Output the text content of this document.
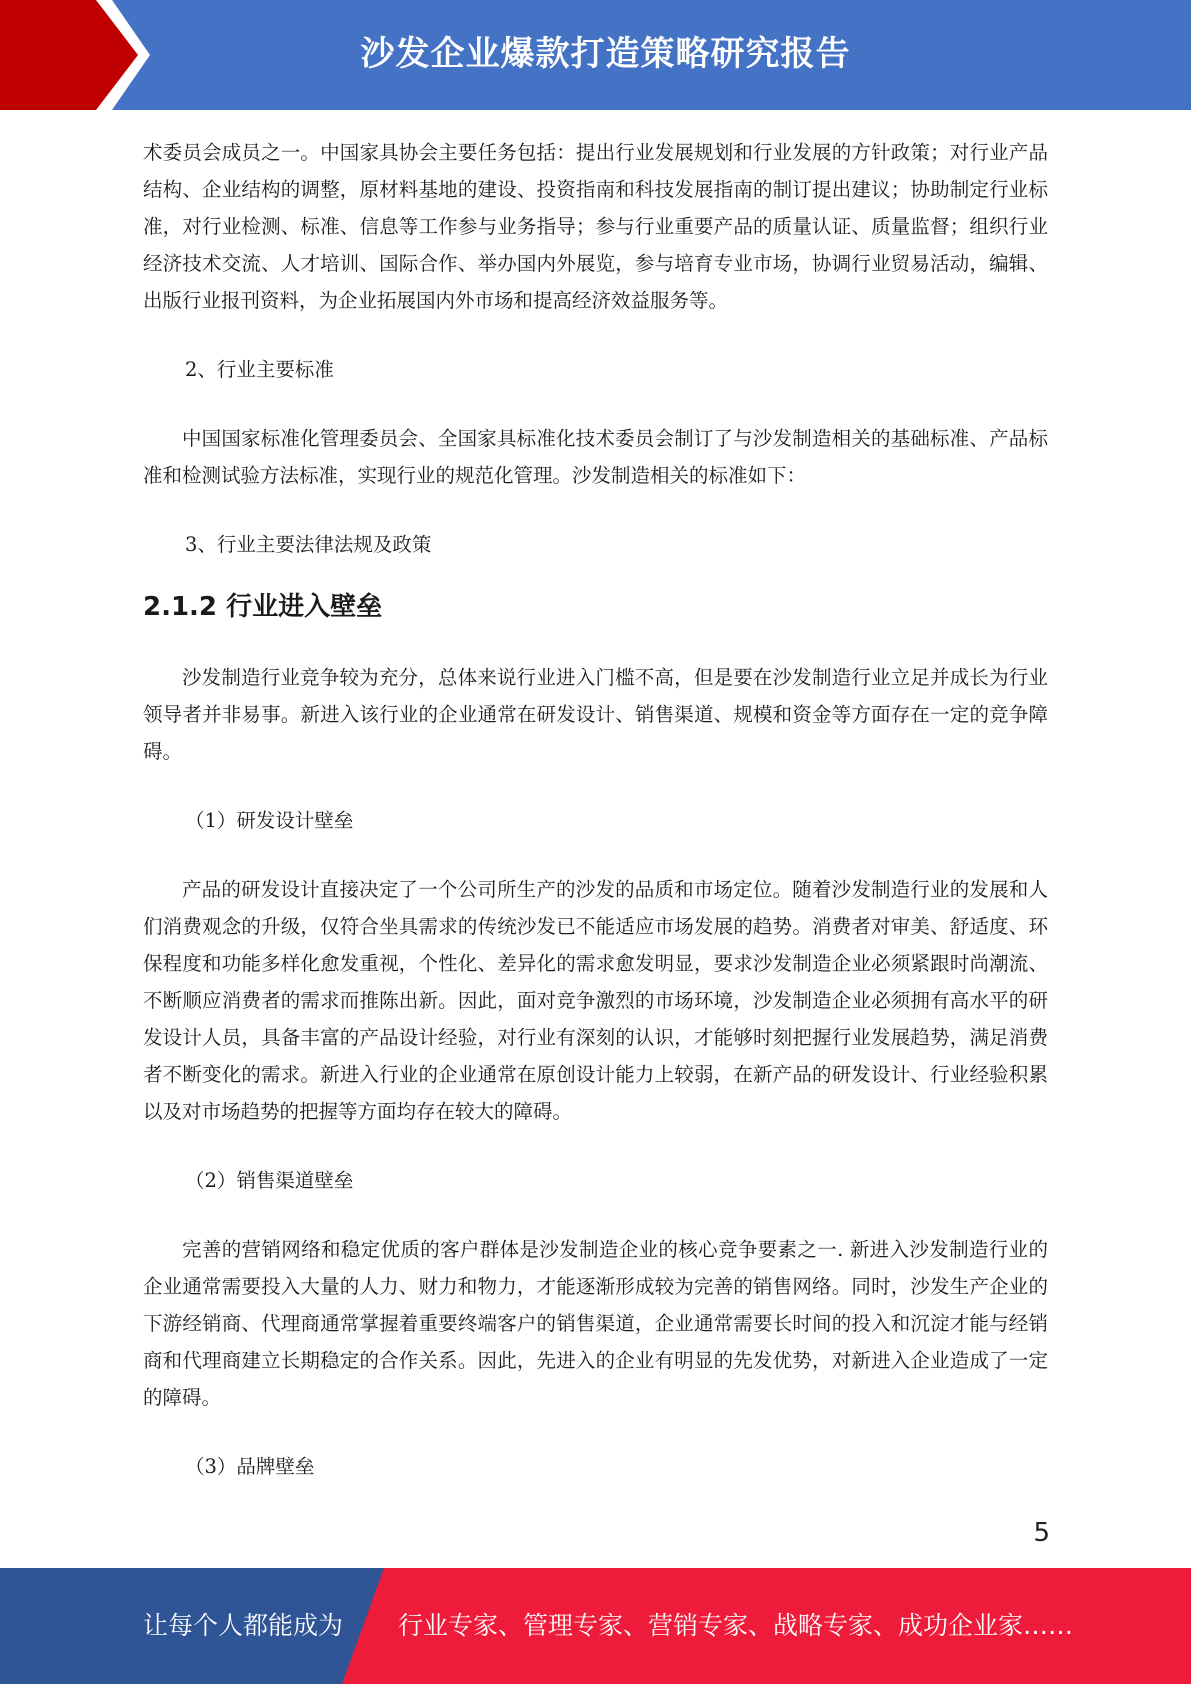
沙发企业爆款打造策略研究报告

术委员会成员之一。中国家具协会主要任务包括：提出行业发展规划和行业发展的方针政策；对行业产品结构、企业结构的调整，原材料基地的建设、投资指南和科技发展指南的制订提出建议；协助制定行业标准，对行业检测、标准、信息等工作参与业务指导；参与行业重要产品的质量认证、质量监督；组织行业经济技术交流、人才培训、国际合作、举办国内外展览，参与培育专业市场，协调行业贸易活动，编辑、出版行业报刊资料，为企业拓展国内外市场和提高经济效益服务等。

2、行业主要标准

中国国家标准化管理委员会、全国家具标准化技术委员会制订了与沙发制造相关的基础标准、产品标准和检测试验方法标准，实现行业的规范化管理。沙发制造相关的标准如下：

3、行业主要法律法规及政策

2.1.2 行业进入壁垒

沙发制造行业竞争较为充分，总体来说行业进入门槛不高，但是要在沙发制造行业立足并成长为行业领导者并非易事。新进入该行业的企业通常在研发设计、销售渠道、规模和资金等方面存在一定的竞争障碍。

（1）研发设计壁垒

产品的研发设计直接决定了一个公司所生产的沙发的品质和市场定位。随着沙发制造行业的发展和人们消费观念的升级，仅符合坐具需求的传统沙发已不能适应市场发展的趋势。消费者对审美、舒适度、环保程度和功能多样化愈发重视，个性化、差异化的需求愈发明显，要求沙发制造企业必须紧跟时尚潮流、不断顺应消费者的需求而推陈出新。因此，面对竞争激烈的市场环境，沙发制造企业必须拥有高水平的研发设计人员，具备丰富的产品设计经验，对行业有深刻的认识，才能够时刻把握行业发展趋势，满足消费者不断变化的需求。新进入行业的企业通常在原创设计能力上较弱，在新产品的研发设计、行业经验积累以及对市场趋势的把握等方面均存在较大的障碍。

（2）销售渠道壁垒

完善的营销网络和稳定优质的客户群体是沙发制造企业的核心竞争要素之一. 新进入沙发制造行业的企业通常需要投入大量的人力、财力和物力，才能逐渐形成较为完善的销售网络。同时，沙发生产企业的下游经销商、代理商通常掌握着重要终端客户的销售渠道，企业通常需要长时间的投入和沉淀才能与经销商和代理商建立长期稳定的合作关系。因此，先进入的企业有明显的先发优势，对新进入企业造成了一定的障碍。

（3）品牌壁垒

5
让每个人都能成为 行业专家、管理专家、营销专家、战略专家、成功企业家……
